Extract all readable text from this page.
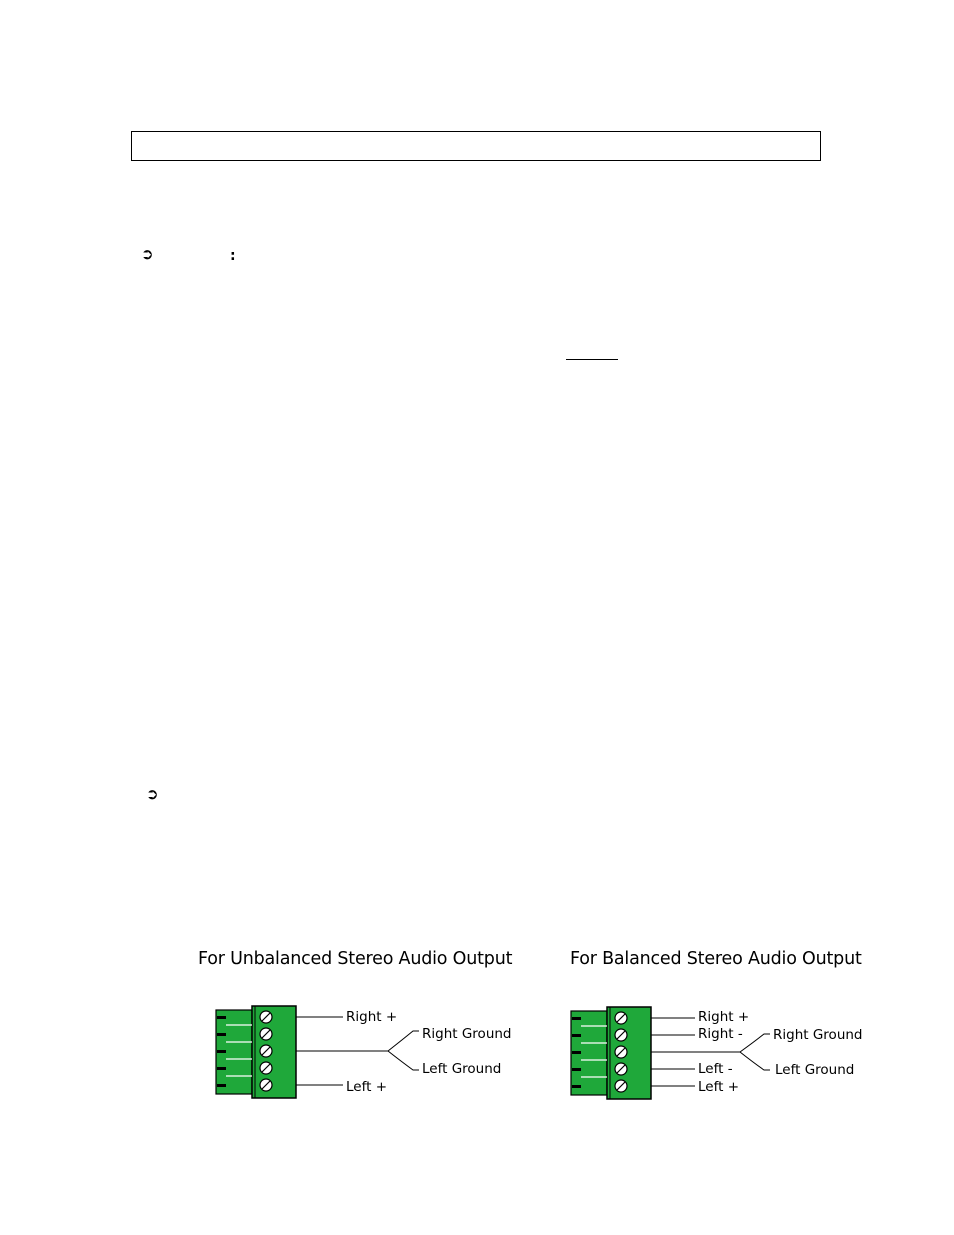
➲	:
➲
For Unbalanced Stereo Audio Output	For Balanced Stereo Audio Output
Right +
Right Ground
Left Ground
Left +
Right +
Right - Right Ground
Left Ground
Left -
Left +
